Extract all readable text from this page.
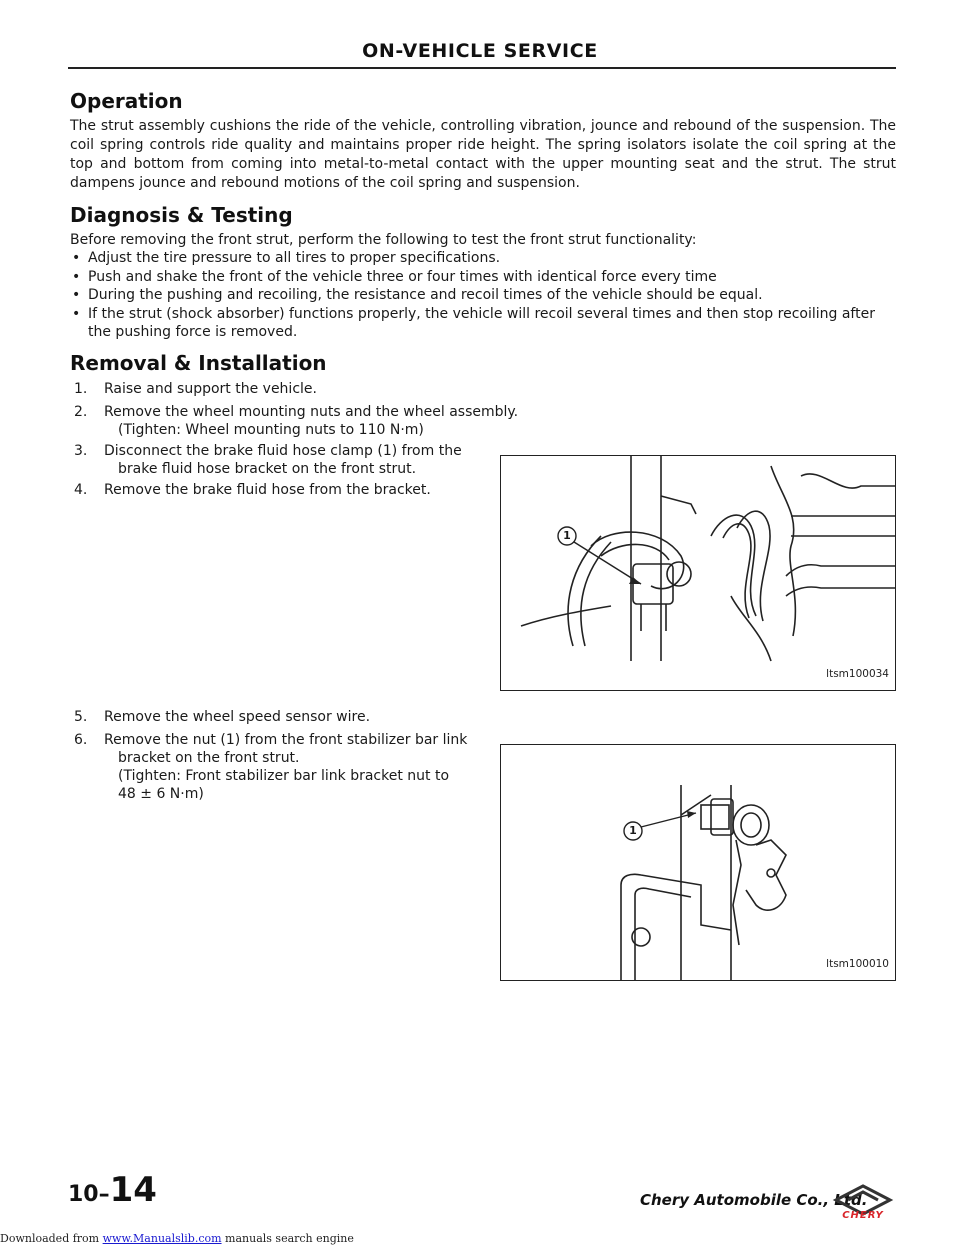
ON-VEHICLE SERVICE
Operation

The strut assembly cushions the ride of the vehicle, controlling vibration, jounce and rebound of the suspension. The coil spring controls ride quality and maintains proper ride height. The spring isolators isolate the coil spring at the top and bottom from coming into metal-to-metal contact with the upper mounting seat and the strut. The strut dampens jounce and rebound motions of the coil spring and suspension.

Diagnosis & Testing

Before removing the front strut, perform the following to test the front strut functionality:

• Adjust the tire pressure to all tires to proper specifications.
• Push and shake the front of the vehicle three or four times with identical force every time
• During the pushing and recoiling, the resistance and recoil times of the vehicle should be equal.
• If the strut (shock absorber) functions properly, the vehicle will recoil several times and then stop recoiling after
the pushing force is removed.
Removal & Installation
1. Raise and support the vehicle.
2. Remove the wheel mounting nuts and the wheel assembly.
(Tighten: Wheel mounting nuts to 110 N·m)
3. Disconnect the brake fluid hose clamp (1) from the
brake fluid hose bracket on the front strut.
4. Remove the brake fluid hose from the bracket.
5. Remove the wheel speed sensor wire.
6. Remove the nut (1) from the front stabilizer bar link
bracket on the front strut.
(Tighten: Front stabilizer bar link bracket nut to
48 ± 6 N·m)
1
ltsm100034
1
ltsm100010
10–14	Chery Automobile Co., Ltd.
CHERY
Downloaded from www.Manualslib.com manuals search engine
